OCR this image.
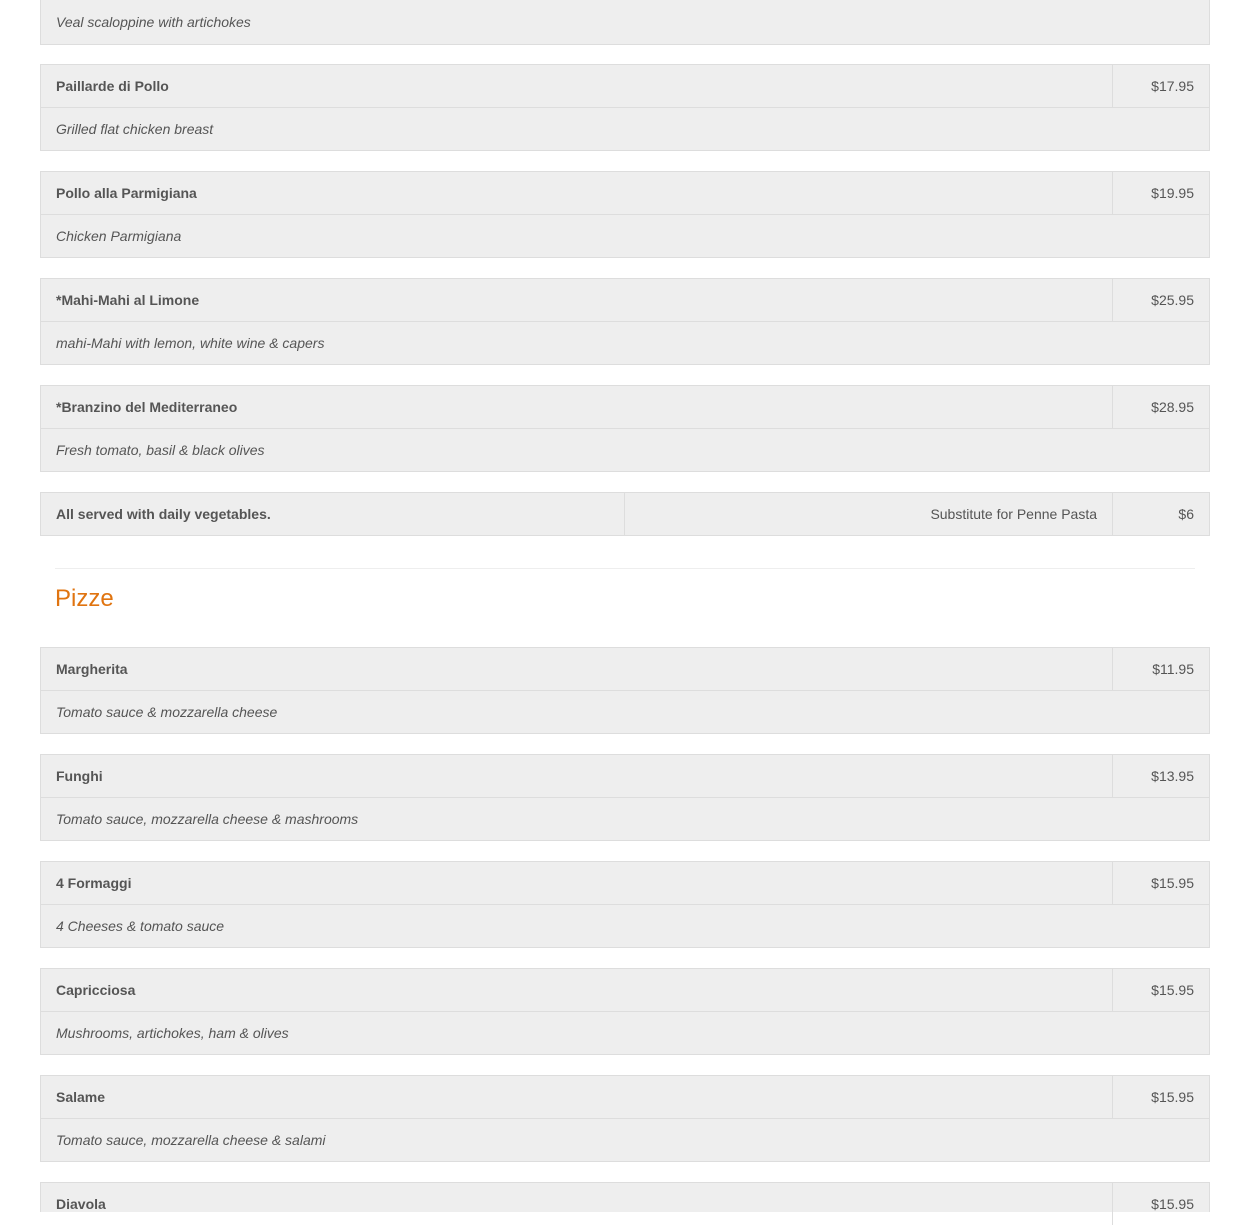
Veal scaloppine with artichokes
Paillarde di Pollo	$17.95
Grilled flat chicken breast
Pollo alla Parmigiana	$19.95
Chicken Parmigiana
*Mahi-Mahi al Limone	$25.95
mahi-Mahi with lemon, white wine & capers
*Branzino del Mediterraneo	$28.95
Fresh tomato, basil & black olives
All served with daily vegetables.	Substitute for Penne Pasta	$6
Pizze
Margherita	$11.95
Tomato sauce & mozzarella cheese
Funghi	$13.95
Tomato sauce, mozzarella cheese & mashrooms
4 Formaggi	$15.95
4 Cheeses & tomato sauce
Capricciosa	$15.95
Mushrooms, artichokes, ham & olives
Salame	$15.95
Tomato sauce, mozzarella cheese & salami
Diavola	$15.95
